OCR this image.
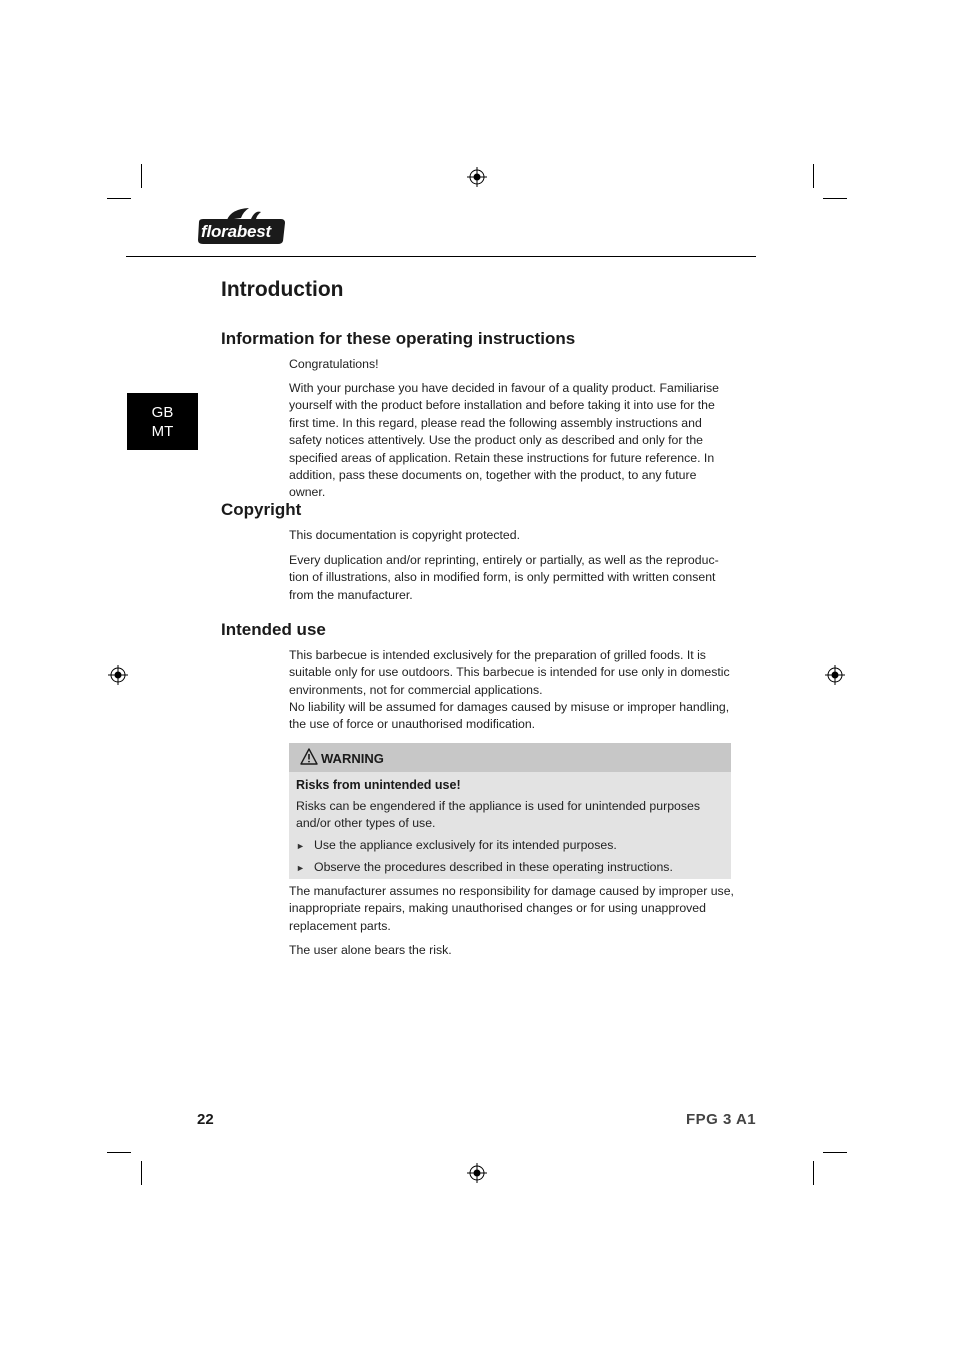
florabest
GB
MT
Introduction
Information for these operating instructions

Congratulations!

With your purchase you have decided in favour of a quality product. Familiarise yourself with the product before installation and before taking it into use for the first time. In this regard, please read the following assembly instructions and safety notices attentively. Use the product only as described and only for the specified areas of application. Retain these instructions for future reference. In addition, pass these documents on, together with the product, to any future owner.

Copyright

This documentation is copyright protected.

Every duplication and/or reprinting, entirely or partially, as well as the reproduc-tion of illustrations, also in modified form, is only permitted with written consent from the manufacturer.

Intended use

This barbecue is intended exclusively for the preparation of grilled foods. It is suitable only for use outdoors. This barbecue is intended for use only in domestic environments, not for commercial applications.

No liability will be assumed for damages caused by misuse or improper handling, the use of force or unauthorised modification.

WARNING
Risks from unintended use!
Risks can be engendered if the appliance is used for unintended purposes and/or other types of use.
► Use the appliance exclusively for its intended purposes.
► Observe the procedures described in these operating instructions.

The manufacturer assumes no responsibility for damage caused by improper use, inappropriate repairs, making unauthorised changes or for using unapproved replacement parts.

The user alone bears the risk.

22	FPG 3 A1
